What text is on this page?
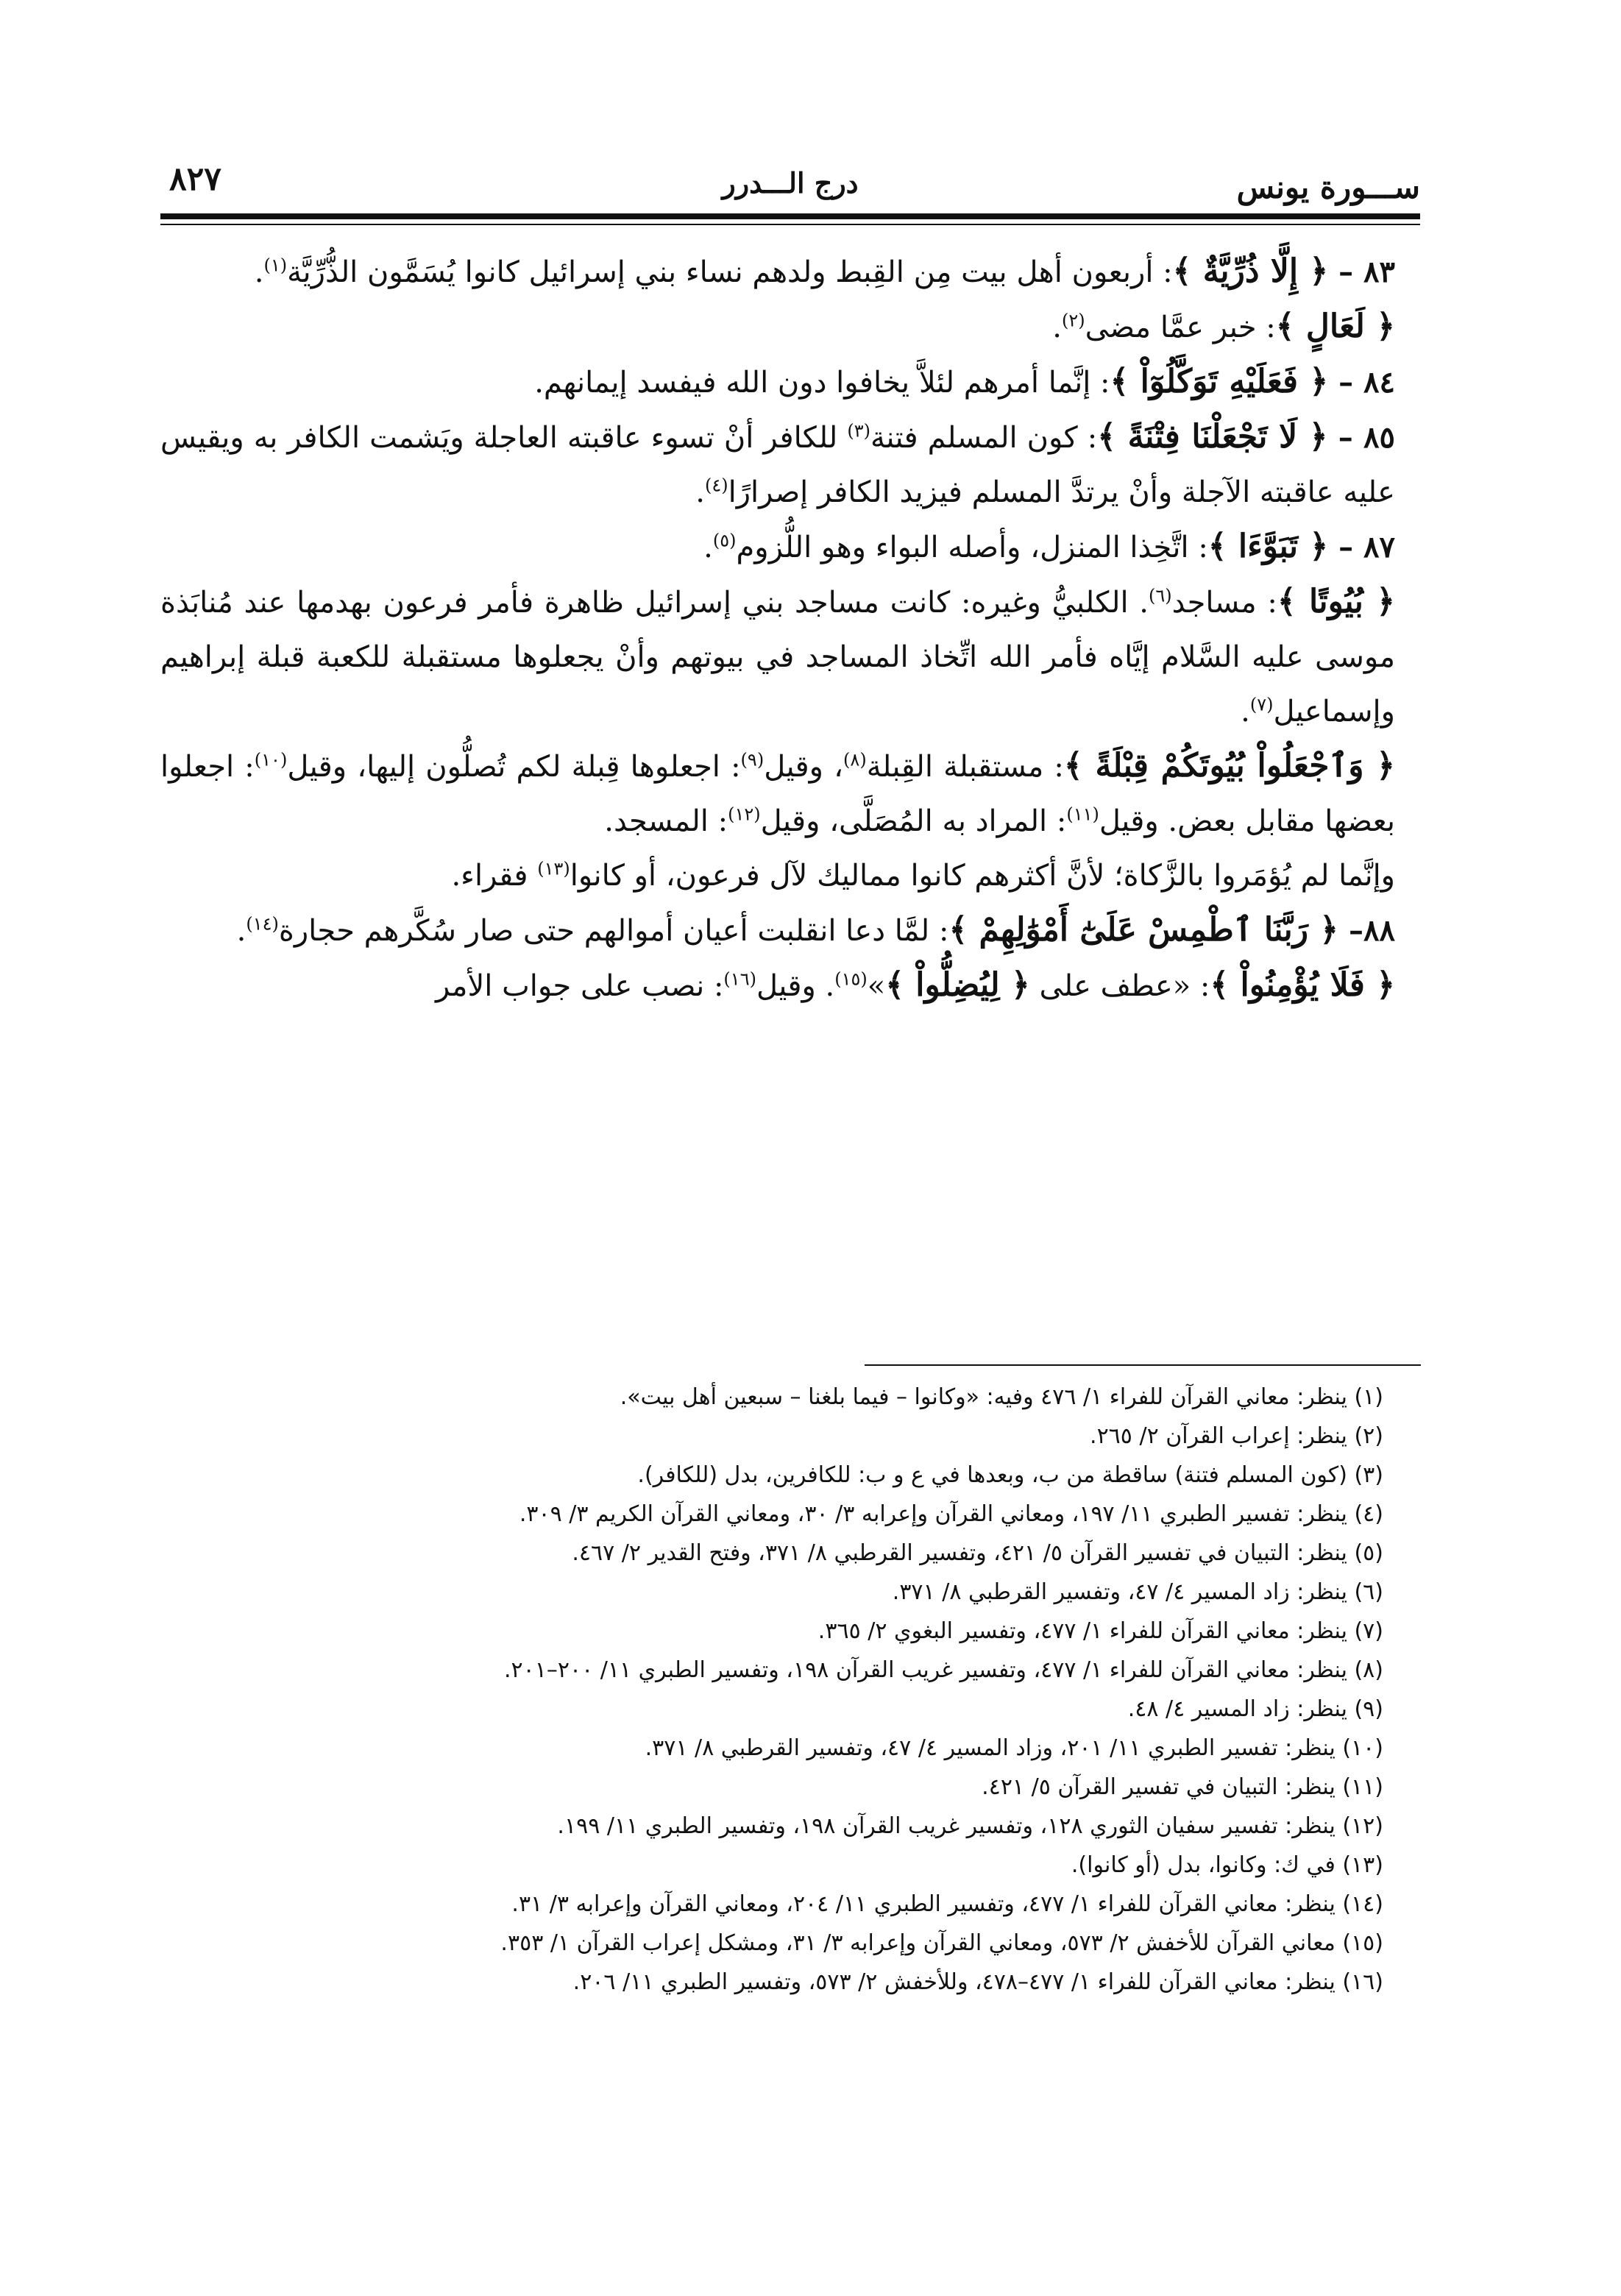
ســـورة يونس
درج الـــدرر
٨٢٧

٨٣ – ﴿ إِلَّا ذُرِّيَّةٌ ﴾: أربعون أهل بيت مِن القِبط ولدهم نساء بني إسرائيل كانوا يُسَمَّون الذُّرِّيَّة$^{(١)}$.

﴿ لَعَالٍ ﴾: خبر عمَّا مضى$^{(٢)}$.

٨٤ – ﴿ فَعَلَيْهِ تَوَكَّلُوٓاْ ﴾: إنَّما أمرهم لئلاَّ يخافوا دون الله فيفسد إيمانهم.

٨٥ – ﴿ لَا تَجْعَلْنَا فِتْنَةً ﴾: كون المسلم فتنة$^{(٣)}$ للكافر أنْ تسوء عاقبته العاجلة ويَشمت الكافر به ويقيس عليه عاقبته الآجلة وأنْ يرتدَّ المسلم فيزيد الكافر إصرارًا$^{(٤)}$.

٨٧ – ﴿ تَبَوَّءَا ﴾: اتَّخِذا المنزل، وأصله البواء وهو اللُّزوم$^{(٥)}$.

﴿ بُيُوتًا ﴾: مساجد$^{(٦)}$. الكلبيُّ وغيره: كانت مساجد بني إسرائيل ظاهرة فأمر فرعون بهدمها عند مُنابَذة موسى عليه السَّلام إيَّاه فأمر الله اتِّخاذ المساجد في بيوتهم وأنْ يجعلوها مستقبلة للكعبة قبلة إبراهيم وإسماعيل$^{(٧)}$.

﴿ وَٱجْعَلُواْ بُيُوتَكُمْ قِبْلَةً ﴾: مستقبلة القِبلة$^{(٨)}$، وقيل$^{(٩)}$: اجعلوها قِبلة لكم تُصلُّون إليها، وقيل$^{(١٠)}$: اجعلوا بعضها مقابل بعض. وقيل$^{(١١)}$: المراد به المُصَلَّى، وقيل$^{(١٢)}$: المسجد.

وإنَّما لم يُؤمَروا بالزَّكاة؛ لأنَّ أكثرهم كانوا مماليك لآل فرعون، أو كانوا$^{(١٣)}$ فقراء.

٨٨– ﴿ رَبَّنَا ٱطْمِسْ عَلَىٰٓ أَمْوَٰلِهِمْ ﴾: لمَّا دعا انقلبت أعيان أموالهم حتى صار سُكَّرهم حجارة$^{(١٤)}$.

﴿ فَلَا يُؤْمِنُواْ ﴾: «عطف على ﴿ لِيُضِلُّواْ ﴾»$^{(١٥)}$. وقيل$^{(١٦)}$: نصب على جواب الأمر

(١) ينظر: معاني القرآن للفراء ١/ ٤٧٦ وفيه: «وكانوا – فيما بلغنا – سبعين أهل بيت».

(٢) ينظر: إعراب القرآن ٢/ ٢٦٥.

(٣) (كون المسلم فتنة) ساقطة من ب، وبعدها في ع و ب: للكافرين، بدل (للكافر).

(٤) ينظر: تفسير الطبري ١١/ ١٩٧، ومعاني القرآن وإعرابه ٣/ ٣٠، ومعاني القرآن الكريم ٣/ ٣٠٩.

(٥) ينظر: التبيان في تفسير القرآن ٥/ ٤٢١، وتفسير القرطبي ٨/ ٣٧١، وفتح القدير ٢/ ٤٦٧.

(٦) ينظر: زاد المسير ٤/ ٤٧، وتفسير القرطبي ٨/ ٣٧١.

(٧) ينظر: معاني القرآن للفراء ١/ ٤٧٧، وتفسير البغوي ٢/ ٣٦٥.

(٨) ينظر: معاني القرآن للفراء ١/ ٤٧٧، وتفسير غريب القرآن ١٩٨، وتفسير الطبري ١١/ ٢٠٠–٢٠١.

(٩) ينظر: زاد المسير ٤/ ٤٨.

(١٠) ينظر: تفسير الطبري ١١/ ٢٠١، وزاد المسير ٤/ ٤٧، وتفسير القرطبي ٨/ ٣٧١.

(١١) ينظر: التبيان في تفسير القرآن ٥/ ٤٢١.

(١٢) ينظر: تفسير سفيان الثوري ١٢٨، وتفسير غريب القرآن ١٩٨، وتفسير الطبري ١١/ ١٩٩.

(١٣) في ك: وكانوا، بدل (أو كانوا).

(١٤) ينظر: معاني القرآن للفراء ١/ ٤٧٧، وتفسير الطبري ١١/ ٢٠٤، ومعاني القرآن وإعرابه ٣/ ٣١.

(١٥) معاني القرآن للأخفش ٢/ ٥٧٣، ومعاني القرآن وإعرابه ٣/ ٣١، ومشكل إعراب القرآن ١/ ٣٥٣.

(١٦) ينظر: معاني القرآن للفراء ١/ ٤٧٧–٤٧٨، وللأخفش ٢/ ٥٧٣، وتفسير الطبري ١١/ ٢٠٦.
